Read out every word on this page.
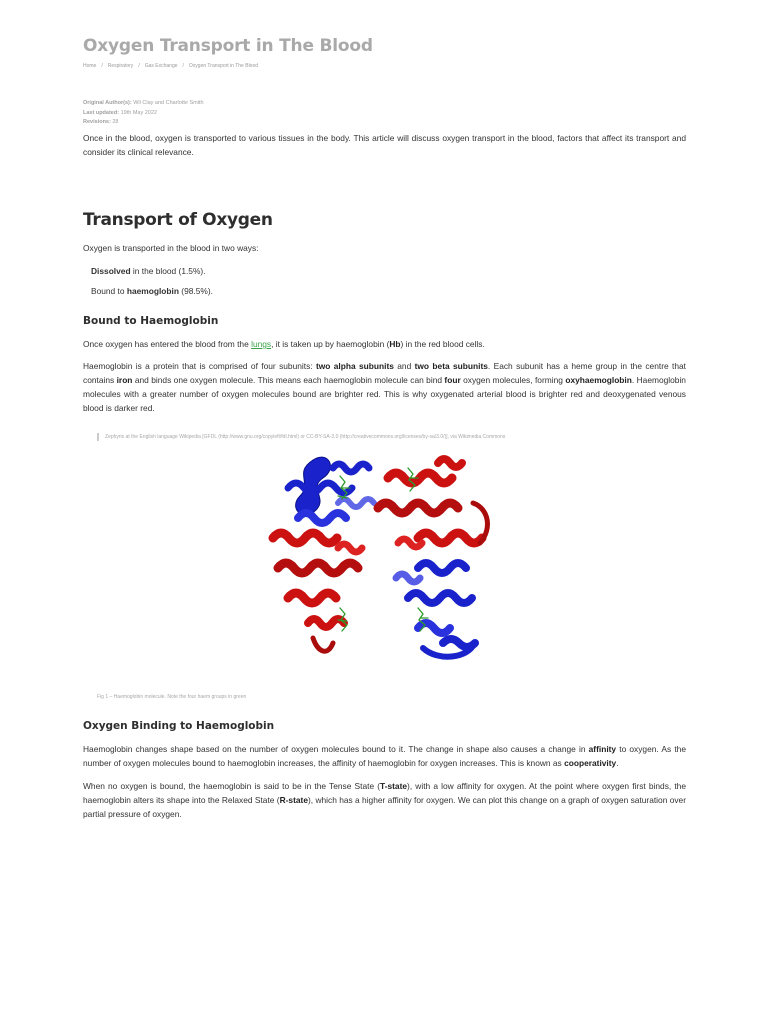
Oxygen Transport in The Blood
Home / Respiratory / Gas Exchange / Oxygen Transport in The Blood
Original Author(s): Wil Clay and Charlotte Smith
Last updated: 19th May 2022
Revisions: 28

Once in the blood, oxygen is transported to various tissues in the body. This article will discuss oxygen transport in the blood, factors that affect its transport and consider its clinical relevance.

Transport of Oxygen

Oxygen is transported in the blood in two ways:

Dissolved in the blood (1.5%).
Bound to haemoglobin (98.5%).
Bound to Haemoglobin

Once oxygen has entered the blood from the lungs, it is taken up by haemoglobin (Hb) in the red blood cells.

Haemoglobin is a protein that is comprised of four subunits: two alpha subunits and two beta subunits. Each subunit has a heme group in the centre that contains iron and binds one oxygen molecule. This means each haemoglobin molecule can bind four oxygen molecules, forming oxyhaemoglobin. Haemoglobin molecules with a greater number of oxygen molecules bound are brighter red. This is why oxygenated arterial blood is brighter red and deoxygenated venous blood is darker red.

Zephyris at the English language Wikipedia [GFDL (http://www.gnu.org/copyleft/fdl.html) or CC-BY-SA-3.0 (http://creativecommons.org/licenses/by-sa/3.0/)], via Wikimedia Commons
Fig 1 – Haemoglobin molecule. Note the four haem groups in green
Oxygen Binding to Haemoglobin

Haemoglobin changes shape based on the number of oxygen molecules bound to it. The change in shape also causes a change in affinity to oxygen. As the number of oxygen molecules bound to haemoglobin increases, the affinity of haemoglobin for oxygen increases. This is known as cooperativity.

When no oxygen is bound, the haemoglobin is said to be in the Tense State (T-state), with a low affinity for oxygen. At the point where oxygen first binds, the haemoglobin alters its shape into the Relaxed State (R-state), which has a higher affinity for oxygen. We can plot this change on a graph of oxygen saturation over partial pressure of oxygen.
